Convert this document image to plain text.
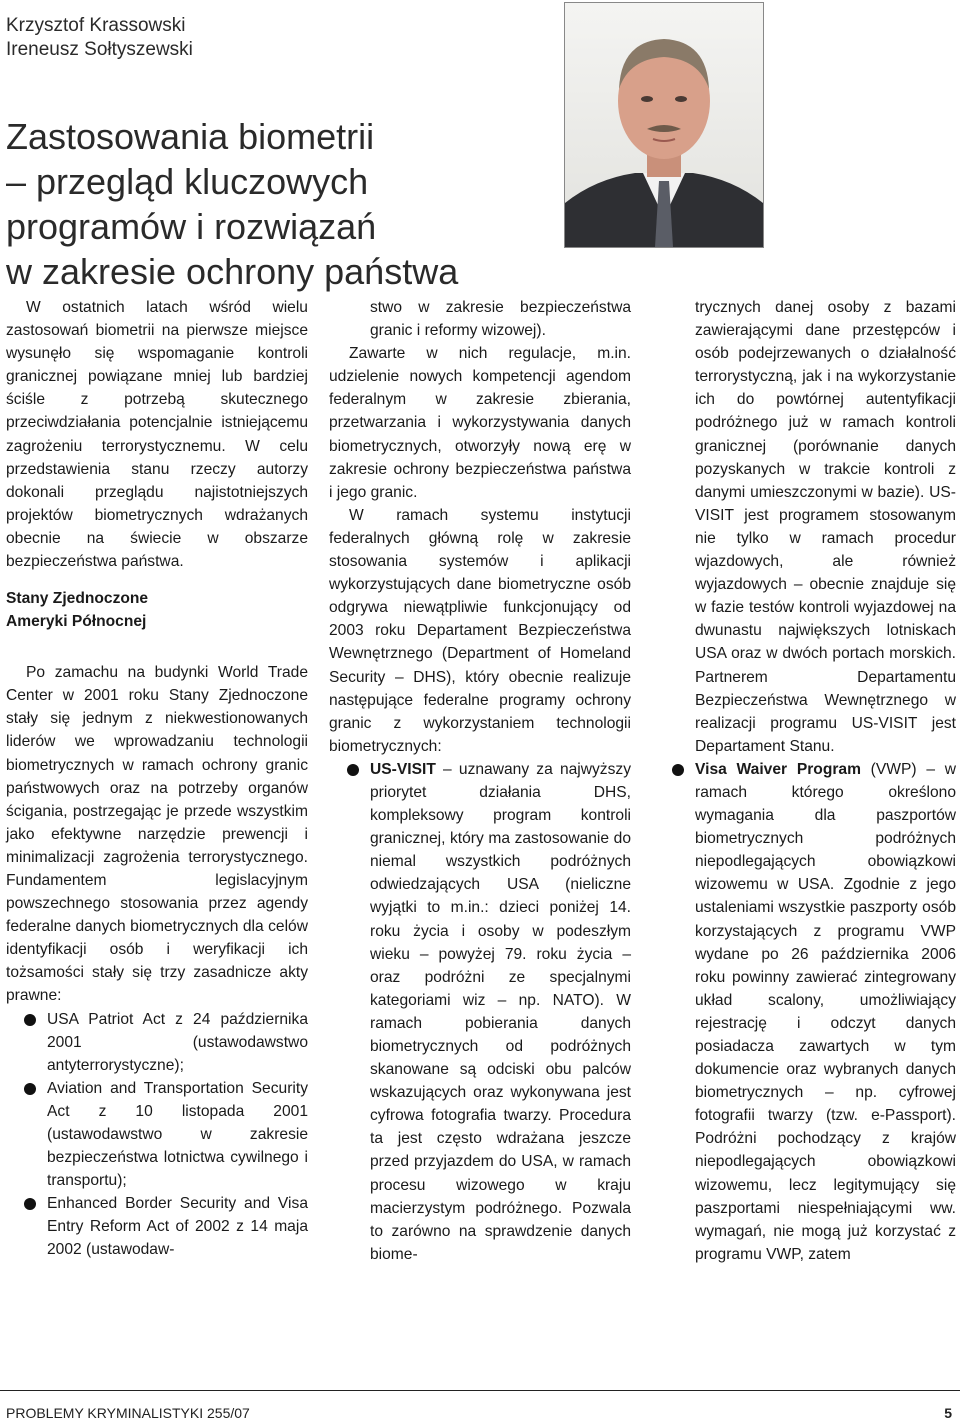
Krzysztof Krassowski
Ireneusz Sołtyszewski
Zastosowania biometrii
– przegląd kluczowych
programów i rozwiązań
w zakresie ochrony państwa

W ostatnich latach wśród wielu zastosowań biometrii na pierwsze miejsce wysunęło się wspomaganie kontroli granicznej powiązane mniej lub bardziej ściśle z potrzebą skutecznego przeciwdziałania potencjalnie istniejącemu zagrożeniu terrorystycznemu. W celu przedstawienia stanu rzeczy autorzy dokonali przeglądu najistotniejszych projektów biometrycznych wdrażanych obecnie na świecie w obszarze bezpieczeństwa państwa.

Stany Zjednoczone
Ameryki Północnej

Po zamachu na budynki World Trade Center w 2001 roku Stany Zjednoczone stały się jednym z niekwestionowanych liderów we wprowadzaniu technologii biometrycznych w ramach ochrony granic państwowych oraz na potrzeby organów ścigania, postrzegając je przede wszystkim jako efektywne narzędzie prewencji i minimalizacji zagrożenia terrorystycznego. Fundamentem legislacyjnym powszechnego stosowania przez agendy federalne danych biometrycznych dla celów identyfikacji osób i weryfikacji ich tożsamości stały się trzy zasadnicze akty prawne:

USA Patriot Act z 24 października 2001 (ustawodawstwo antyterrorystyczne);
Aviation and Transportation Security Act z 10 listopada 2001 (ustawodawstwo w zakresie bezpieczeństwa lotnictwa cywilnego i transportu);
Enhanced Border Security and Visa Entry Reform Act of 2002 z 14 maja 2002 (ustawodaw-
stwo w zakresie bezpieczeństwa granic i reformy wizowej).

Zawarte w nich regulacje, m.in. udzielenie nowych kompetencji agendom federalnym w zakresie zbierania, przetwarzania i wykorzystywania danych biometrycznych, otworzyły nową erę w zakresie ochrony bezpieczeństwa państwa i jego granic.

W ramach systemu instytucji federalnych główną rolę w zakresie stosowania systemów i aplikacji wykorzystujących dane biometryczne osób odgrywa niewątpliwie funkcjonujący od 2003 roku Departament Bezpieczeństwa Wewnętrznego (Department of Homeland Security – DHS), który obecnie realizuje następujące federalne programy ochrony granic z wykorzystaniem technologii biometrycznych:

US-VISIT – uznawany za najwyższy priorytet działania DHS, kompleksowy program kontroli granicznej, który ma zastosowanie do niemal wszystkich podróżnych odwiedzających USA (nieliczne wyjątki to m.in.: dzieci poniżej 14. roku życia i osoby w podeszłym wieku – powyżej 79. roku życia – oraz podróżni ze specjalnymi kategoriami wiz – np. NATO). W ramach pobierania danych biometrycznych od podróżnych skanowane są odciski obu palców wskazujących oraz wykonywana jest cyfrowa fotografia twarzy. Procedura ta jest często wdrażana jeszcze przed przyjazdem do USA, w ramach procesu wizowego w kraju macierzystym podróżnego. Pozwala to zarówno na sprawdzenie danych biome-
trycznych danej osoby z bazami zawierającymi dane przestępców i osób podejrzewanych o działalność terrorystyczną, jak i na wykorzystanie ich do powtórnej autentyfikacji podróżnego już w ramach kontroli granicznej (porównanie danych pozyskanych w trakcie kontroli z danymi umieszczonymi w bazie). US-VISIT jest programem stosowanym nie tylko w ramach procedur wjazdowych, ale również wyjazdowych – obecnie znajduje się w fazie testów kontroli wyjazdowej na dwunastu największych lotniskach USA oraz w dwóch portach morskich. Partnerem Departamentu Bezpieczeństwa Wewnętrznego w realizacji programu US-VISIT jest Departament Stanu.
Visa Waiver Program (VWP) – w ramach którego określono wymagania dla paszportów biometrycznych podróżnych niepodlegających obowiązkowi wizowemu w USA. Zgodnie z jego ustaleniami wszystkie paszporty osób korzystających z programu VWP wydane po 26 października 2006 roku powinny zawierać zintegrowany układ scalony, umożliwiający rejestrację i odczyt danych posiadacza zawartych w tym dokumencie oraz wybranych danych biometrycznych – np. cyfrowej fotografii twarzy (tzw. e-Passport). Podróżni pochodzący z krajów niepodlegających obowiązkowi wizowemu, lecz legitymujący się paszportami niespełniającymi ww. wymagań, nie mogą już korzystać z programu VWP, zatem
PROBLEMY KRYMINALISTYKI 255/07	5
